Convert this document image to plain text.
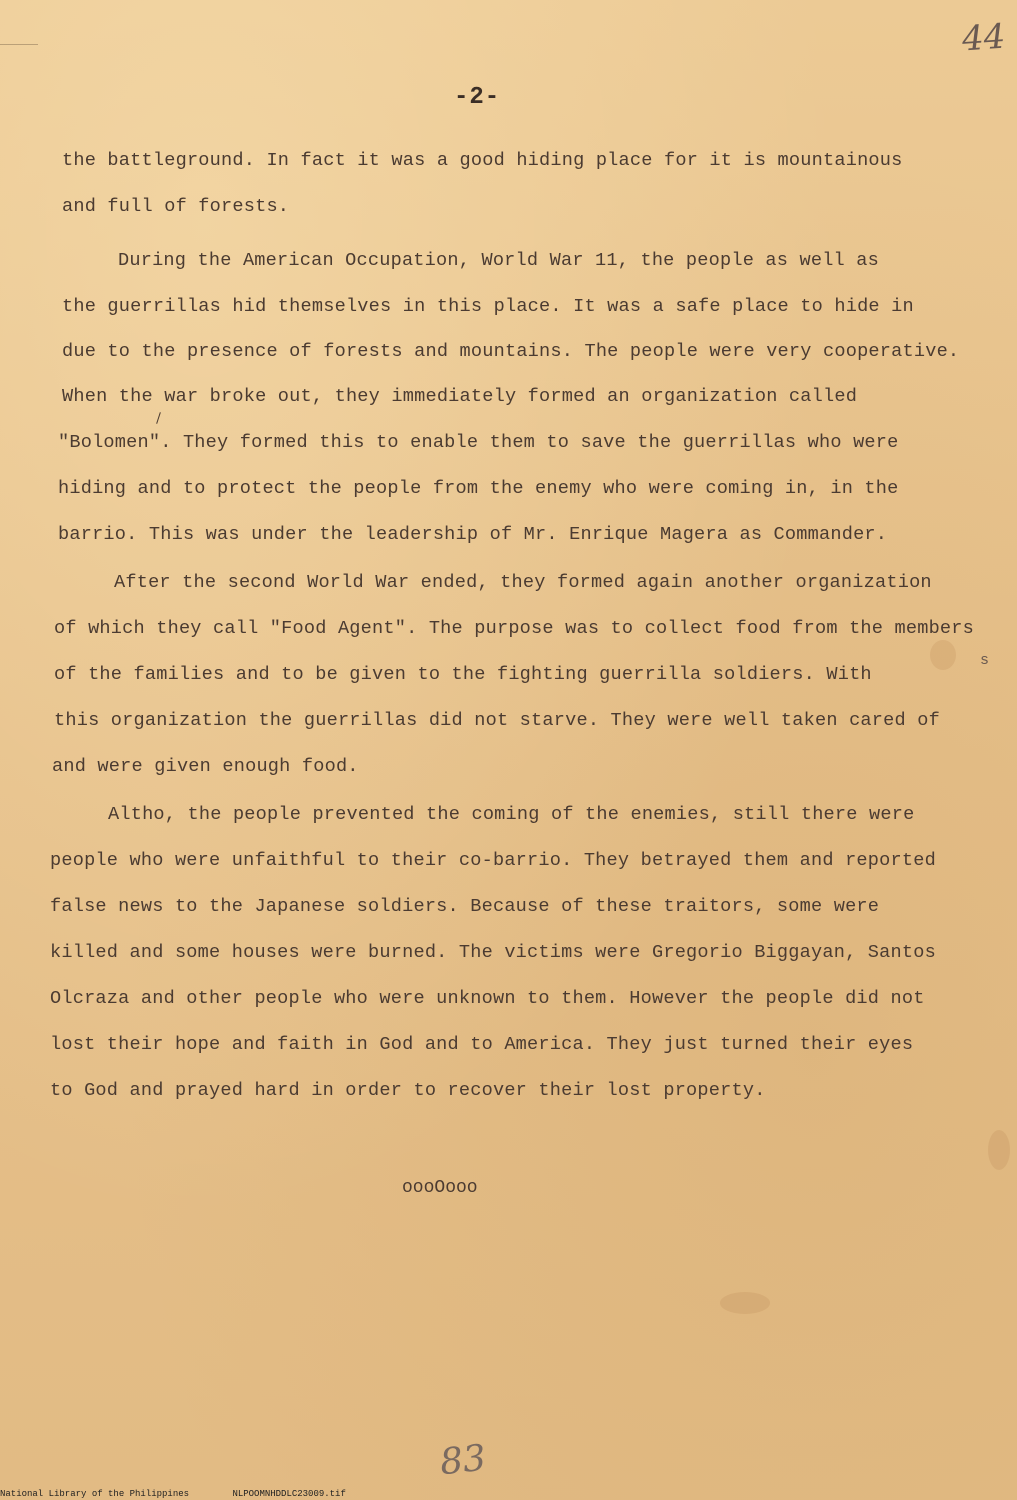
44
-2-

the battleground. In fact it was a good hiding place for it is mountainous
and full of forests.
During the American Occupation, World War 11, the people as well as
the guerrillas hid themselves in this place. It was a safe place to hide in
due to the presence of forests and mountains. The people were very cooperative.
When the war broke out, they immediately formed an organization called
"Bolomen". They formed this to enable them to save the guerrillas who were
hiding and to protect the people from the enemy who were coming in, in the
barrio. This was under the leadership of Mr. Enrique Magera as Commander.
After the second World War ended, they formed again another organization
of which they call "Food Agent". The purpose was to collect food from the members
s
of the families and to be given to the fighting guerrilla soldiers. With
this organization the guerrillas did not starve. They were well taken cared of
and were given enough food.
Altho, the people prevented the coming of the enemies, still there were
people who were unfaithful to their co-barrio. They betrayed them and reported
false news to the Japanese soldiers. Because of these traitors, some were
killed and some houses were burned. The victims were Gregorio Biggayan, Santos
Olcraza and other people who were unknown to them. However the people did not
lost their hope and faith in God and to America. They just turned their eyes
to God and prayed hard in order to recover their lost property.
oooOooo
83
National Library of the Philippines	NLPOOMNHDDLC23009.tif
